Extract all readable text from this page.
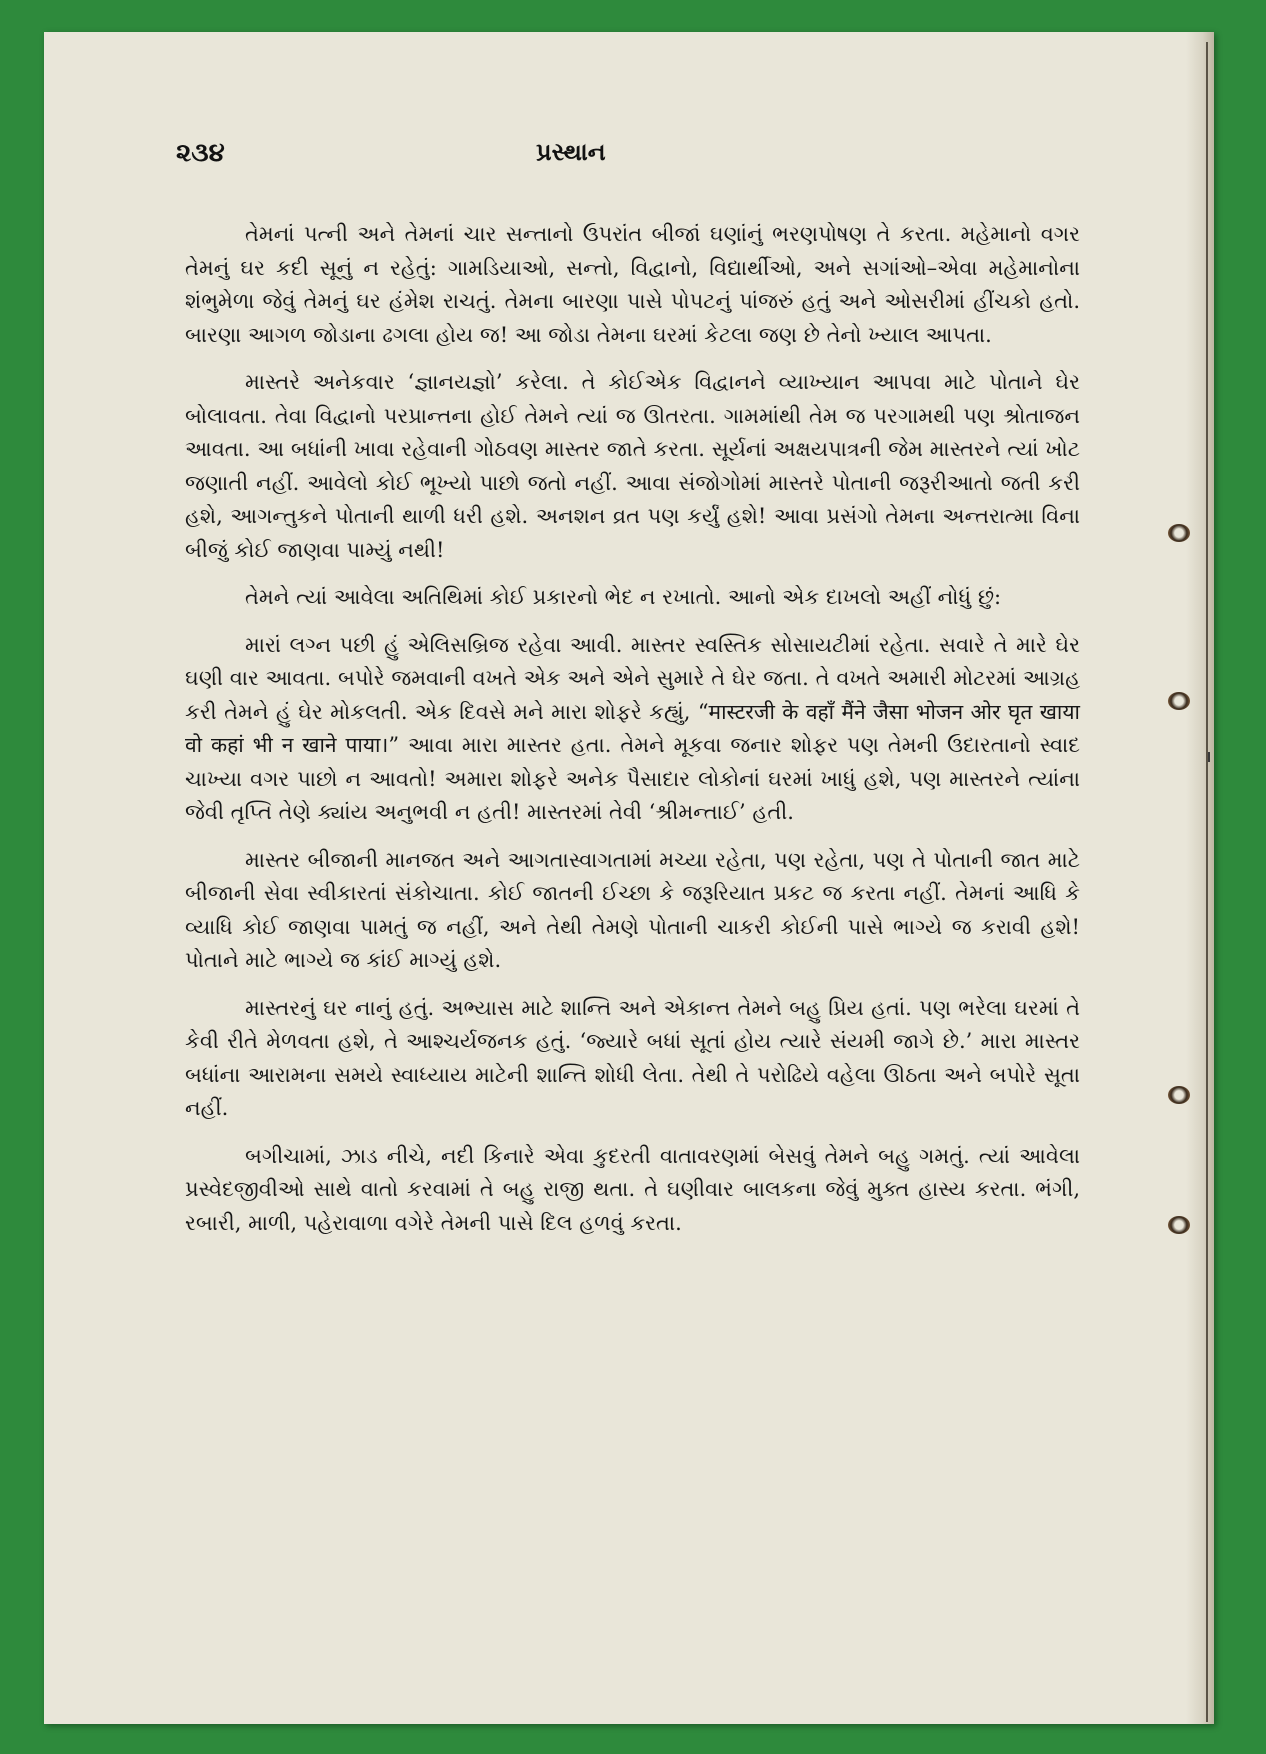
૨૩૪	પ્રસ્થાન

તેમનાં પત્ની અને તેમનાં ચાર સન્તાનો ઉપરાંત બીજાં ઘણાંનું ભરણપોષણ તે કરતા. મહેમાનો વગર તેમનું ઘર કદી સૂનું ન રહેતું: ગામડિયાઓ, સન્તો, વિદ્વાનો, વિદ્યાર્થીઓ, અને સગાંઓ–એવા મહેમાનોના શંભુમેળા જેવું તેમનું ઘર હંમેશ રાચતું. તેમના બારણા પાસે પોપટનું પાંજરું હતું અને ઓસરીમાં હીંચકો હતો. બારણા આગળ જોડાના ઢગલા હોય જ! આ જોડા તેમના ઘરમાં કેટલા જણ છે તેનો ખ્યાલ આપતા.

માસ્તરે અનેકવાર ‘જ્ઞાનયજ્ઞો’ કરેલા. તે કોઈએક વિદ્વાનને વ્યાખ્યાન આપવા માટે પોતાને ઘેર બોલાવતા. તેવા વિદ્વાનો પરપ્રાન્તના હોઈ તેમને ત્યાં જ ઊતરતા. ગામમાંથી તેમ જ પરગામથી પણ શ્રોતાજન આવતા. આ બધાંની ખાવા રહેવાની ગોઠવણ માસ્તર જાતે કરતા. સૂર્યનાં અક્ષયપાત્રની જેમ માસ્તરને ત્યાં ખોટ જણાતી નહીં. આવેલો કોઈ ભૂખ્યો પાછો જતો નહીં. આવા સંજોગોમાં માસ્તરે પોતાની જરૂરીઆતો જતી કરી હશે, આગન્તુકને પોતાની થાળી ધરી હશે. અનશન વ્રત પણ કર્યું હશે! આવા પ્રસંગો તેમના અન્તરાત્મા વિના બીજું કોઈ જાણવા પામ્યું નથી!

તેમને ત્યાં આવેલા અતિથિમાં કોઈ પ્રકારનો ભેદ ન રખાતો. આનો એક દાખલો અહીં નોધું છું:

મારાં લગ્ન પછી હું એલિસબ્રિજ રહેવા આવી. માસ્તર સ્વસ્તિક સોસાયટીમાં રહેતા. સવારે તે મારે ઘેર ઘણી વાર આવતા. બપોરે જમવાની વખતે એક અને એને સુમારે તે ઘેર જતા. તે વખતે અમારી મોટરમાં આગ્રહ કરી તેમને હું ઘેર મોકલતી. એક દિવસે મને મારા શોફરે કહ્યું, “मास्टरजी के वहाँ मैंने जैसा भोजन ओर घृत खाया वो कहां भी न खाने पाया।” આવા મારા માસ્તર હતા. તેમને મૂકવા જનાર શોફર પણ તેમની ઉદારતાનો સ્વાદ ચાખ્યા વગર પાછો ન આવતો! અમારા શોફરે અનેક પૈસાદાર લોકોનાં ઘરમાં ખાધું હશે, પણ માસ્તરને ત્યાંના જેવી તૃપ્તિ તેણે ક્યાંય અનુભવી ન હતી! માસ્તરમાં તેવી ‘શ્રીમન્તાઈ’ હતી.

માસ્તર બીજાની માનજત અને આગતાસ્વાગતામાં મચ્યા રહેતા, પણ રહેતા, પણ તે પોતાની જાત માટે બીજાની સેવા સ્વીકારતાં સંકોચાતા. કોઈ જાતની ઈચ્છા કે જરૂરિયાત પ્રકટ જ કરતા નહીં. તેમનાં આધિ કે વ્યાધિ કોઈ જાણવા પામતું જ નહીં, અને તેથી તેમણે પોતાની ચાકરી કોઈની પાસે ભાગ્યે જ કરાવી હશે! પોતાને માટે ભાગ્યે જ કાંઈ માગ્યું હશે.

માસ્તરનું ઘર નાનું હતું. અભ્યાસ માટે શાન્તિ અને એકાન્ત તેમને બહુ પ્રિય હતાં. પણ ભરેલા ઘરમાં તે કેવી રીતે મેળવતા હશે, તે આશ્ચર્યજનક હતું. ‘જ્યારે બધાં સૂતાં હોય ત્યારે સંયમી જાગે છે.’ મારા માસ્તર બધાંના આરામના સમયે સ્વાધ્યાય માટેની શાન્તિ શોધી લેતા. તેથી તે પરોઢિયે વહેલા ઊઠતા અને બપોરે સૂતા નહીં.

બગીચામાં, ઝાડ નીચે, નદી કિનારે એવા કુદરતી વાતાવરણમાં બેસવું તેમને બહુ ગમતું. ત્યાં આવેલા પ્રસ્વેદજીવીઓ સાથે વાતો કરવામાં તે બહુ રાજી થતા. તે ઘણીવાર બાલકના જેવું મુક્ત હાસ્ય કરતા. ભંગી, રબારી, માળી, પહેરાવાળા વગેરે તેમની પાસે દિલ હળવું કરતા.
